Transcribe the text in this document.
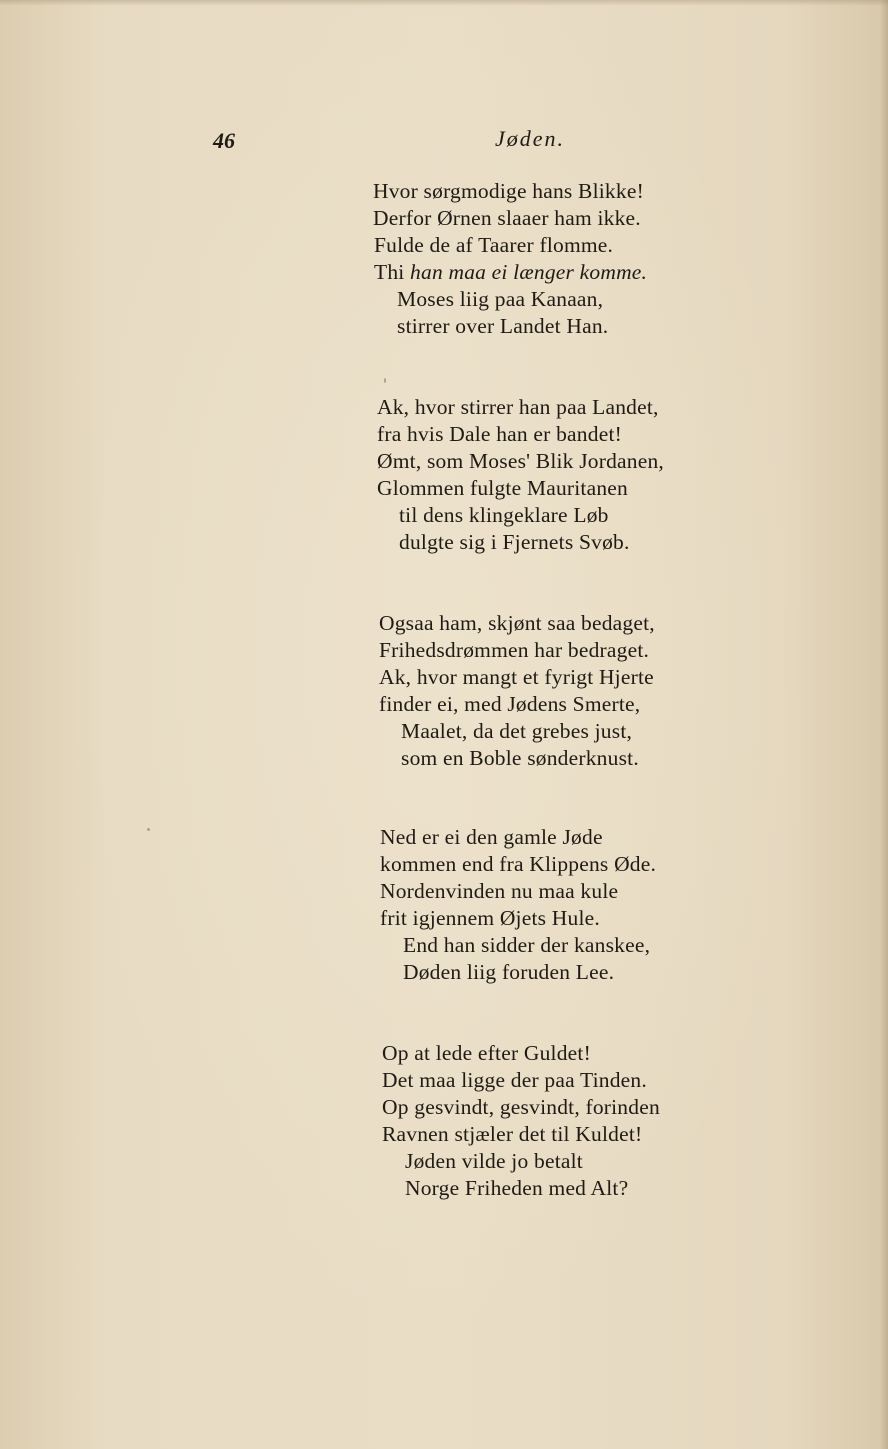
46	Jøden.
Hvor sørgmodige hans Blikke!
Derfor Ørnen slaaer ham ikke.
Fulde de af Taarer flomme.
Thi han maa ei længer komme.
Moses liig paa Kanaan,
stirrer over Landet Han.
Ak, hvor stirrer han paa Landet,
fra hvis Dale han er bandet!
Ømt, som Moses' Blik Jordanen,
Glommen fulgte Mauritanen
til dens klingeklare Løb
dulgte sig i Fjernets Svøb.
Ogsaa ham, skjønt saa bedaget,
Frihedsdrømmen har bedraget.
Ak, hvor mangt et fyrigt Hjerte
finder ei, med Jødens Smerte,
Maalet, da det grebes just,
som en Boble sønderknust.
Ned er ei den gamle Jøde
kommen end fra Klippens Øde.
Nordenvinden nu maa kule
frit igjennem Øjets Hule.
End han sidder der kanskee,
Døden liig foruden Lee.
Op at lede efter Guldet!
Det maa ligge der paa Tinden.
Op gesvindt, gesvindt, forinden
Ravnen stjæler det til Kuldet!
Jøden vilde jo betalt
Norge Friheden med Alt?
